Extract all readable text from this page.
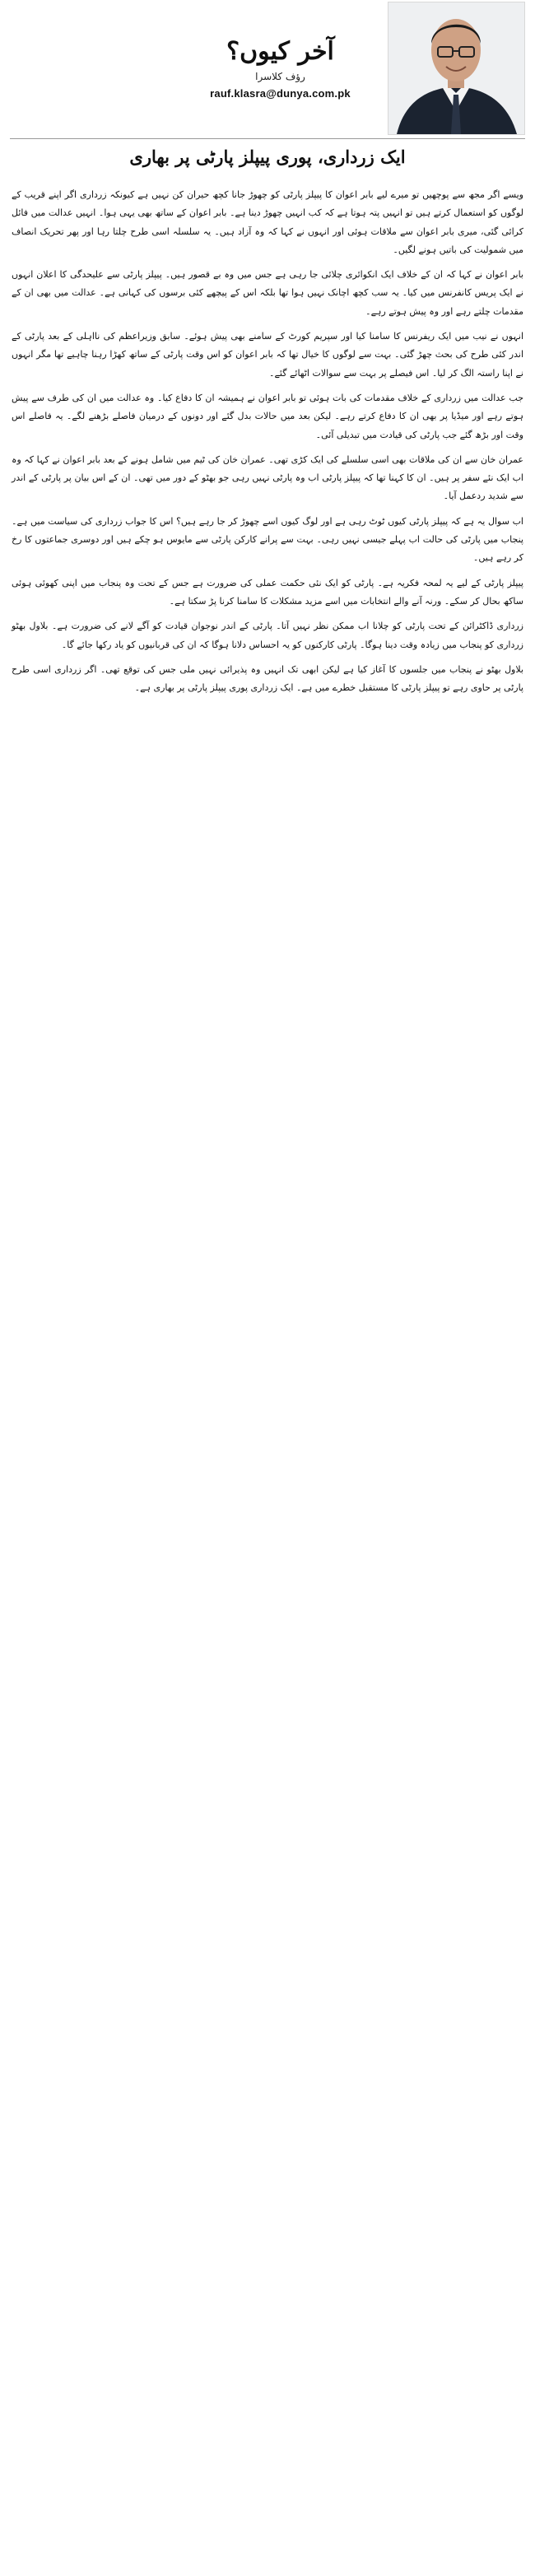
آخر کیوں؟
رؤف کلاسرا
rauf.klasra@dunya.com.pk
ایک زرداری، پوری پیپلز پارٹی پر بھاری

ویسے اگر مجھ سے پوچھیں تو میرے لیے بابر اعوان کا پیپلز پارٹی کو چھوڑ جانا کچھ حیران کن نہیں ہے کیونکہ زرداری اگر اپنے قریب کے لوگوں کو استعمال کرتے ہیں تو انہیں پتہ ہوتا ہے کہ کب انہیں چھوڑ دینا ہے۔ بابر اعوان کے ساتھ بھی یہی ہوا۔ انہیں عدالت میں فائل کرائی گئی، میری بابر اعوان سے ملاقات ہوئی اور انہوں نے کہا کہ وہ آزاد ہیں۔ یہ سلسلہ اسی طرح چلتا رہا اور پھر تحریک انصاف میں شمولیت کی باتیں ہونے لگیں۔

بابر اعوان نے کہا کہ ان کے خلاف ایک انکوائری چلائی جا رہی ہے جس میں وہ بے قصور ہیں۔ پیپلز پارٹی سے علیحدگی کا اعلان انہوں نے ایک پریس کانفرنس میں کیا۔ یہ سب کچھ اچانک نہیں ہوا تھا بلکہ اس کے پیچھے کئی برسوں کی کہانی ہے۔ عدالت میں بھی ان کے مقدمات چلتے رہے اور وہ پیش ہوتے رہے۔

انہوں نے نیب میں ایک ریفرنس کا سامنا کیا اور سپریم کورٹ کے سامنے بھی پیش ہوئے۔ سابق وزیراعظم کی نااہلی کے بعد پارٹی کے اندر کئی طرح کی بحث چھڑ گئی۔ بہت سے لوگوں کا خیال تھا کہ بابر اعوان کو اس وقت پارٹی کے ساتھ کھڑا رہنا چاہیے تھا مگر انہوں نے اپنا راستہ الگ کر لیا۔ اس فیصلے پر بہت سے سوالات اٹھائے گئے۔

جب عدالت میں زرداری کے خلاف مقدمات کی بات ہوئی تو بابر اعوان نے ہمیشہ ان کا دفاع کیا۔ وہ عدالت میں ان کی طرف سے پیش ہوتے رہے اور میڈیا پر بھی ان کا دفاع کرتے رہے۔ لیکن بعد میں حالات بدل گئے اور دونوں کے درمیان فاصلے بڑھنے لگے۔ یہ فاصلے اس وقت اور بڑھ گئے جب پارٹی کی قیادت میں تبدیلی آئی۔

عمران خان سے ان کی ملاقات بھی اسی سلسلے کی ایک کڑی تھی۔ عمران خان کی ٹیم میں شامل ہونے کے بعد بابر اعوان نے کہا کہ وہ اب ایک نئے سفر پر ہیں۔ ان کا کہنا تھا کہ پیپلز پارٹی اب وہ پارٹی نہیں رہی جو بھٹو کے دور میں تھی۔ ان کے اس بیان پر پارٹی کے اندر سے شدید ردعمل آیا۔

اب سوال یہ ہے کہ پیپلز پارٹی کیوں ٹوٹ رہی ہے اور لوگ کیوں اسے چھوڑ کر جا رہے ہیں؟ اس کا جواب زرداری کی سیاست میں ہے۔ پنجاب میں پارٹی کی حالت اب پہلے جیسی نہیں رہی۔ بہت سے پرانے کارکن پارٹی سے مایوس ہو چکے ہیں اور دوسری جماعتوں کا رخ کر رہے ہیں۔

پیپلز پارٹی کے لیے یہ لمحہ فکریہ ہے۔ پارٹی کو ایک نئی حکمت عملی کی ضرورت ہے جس کے تحت وہ پنجاب میں اپنی کھوئی ہوئی ساکھ بحال کر سکے۔ ورنہ آنے والے انتخابات میں اسے مزید مشکلات کا سامنا کرنا پڑ سکتا ہے۔

زرداری ڈاکٹرائن کے تحت پارٹی کو چلانا اب ممکن نظر نہیں آتا۔ پارٹی کے اندر نوجوان قیادت کو آگے لانے کی ضرورت ہے۔ بلاول بھٹو زرداری کو پنجاب میں زیادہ وقت دینا ہوگا۔ پارٹی کارکنوں کو یہ احساس دلانا ہوگا کہ ان کی قربانیوں کو یاد رکھا جائے گا۔

بلاول بھٹو نے پنجاب میں جلسوں کا آغاز کیا ہے لیکن ابھی تک انہیں وہ پذیرائی نہیں ملی جس کی توقع تھی۔ اگر زرداری اسی طرح پارٹی پر حاوی رہے تو پیپلز پارٹی کا مستقبل خطرے میں ہے۔ ایک زرداری پوری پیپلز پارٹی پر بھاری ہے۔
